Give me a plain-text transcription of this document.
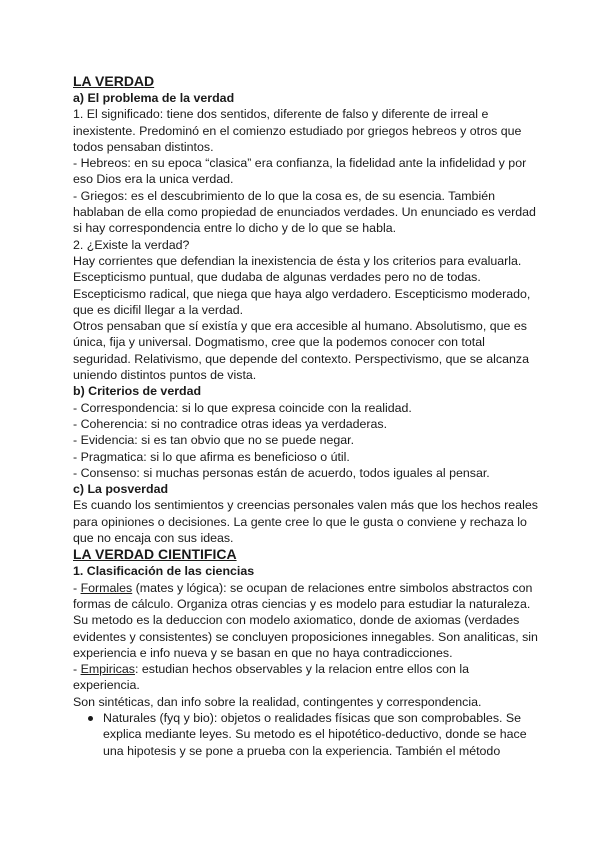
LA VERDAD
a) El problema de la verdad
1. El significado: tiene dos sentidos, diferente de falso y diferente de irreal e
inexistente. Predominó en el comienzo estudiado por griegos hebreos y otros que
todos pensaban distintos.
- Hebreos: en su epoca “clasica” era confianza, la fidelidad ante la infidelidad y por
eso Dios era la unica verdad.
- Griegos: es el descubrimiento de lo que la cosa es, de su esencia. También
hablaban de ella como propiedad de enunciados verdades. Un enunciado es verdad
si hay correspondencia entre lo dicho y de lo que se habla.
2. ¿Existe la verdad?
Hay corrientes que defendian la inexistencia de ésta y los criterios para evaluarla.
Escepticismo puntual, que dudaba de algunas verdades pero no de todas.
Escepticismo radical, que niega que haya algo verdadero. Escepticismo moderado,
que es dicifil llegar a la verdad.
Otros pensaban que sí existía y que era accesible al humano. Absolutismo, que es
única, fija y universal. Dogmatismo, cree que la podemos conocer con total
seguridad. Relativismo, que depende del contexto. Perspectivismo, que se alcanza
uniendo distintos puntos de vista.
b) Criterios de verdad
- Correspondencia: si lo que expresa coincide con la realidad.
- Coherencia: si no contradice otras ideas ya verdaderas.
- Evidencia: si es tan obvio que no se puede negar.
- Pragmatica: si lo que afirma es beneficioso o útil.
- Consenso: si muchas personas están de acuerdo, todos iguales al pensar.
c) La posverdad
Es cuando los sentimientos y creencias personales valen más que los hechos reales
para opiniones o decisiones. La gente cree lo que le gusta o conviene y rechaza lo
que no encaja con sus ideas.
LA VERDAD CIENTIFICA
1. Clasificación de las ciencias
- Formales (mates y lógica): se ocupan de relaciones entre simbolos abstractos con
formas de cálculo. Organiza otras ciencias y es modelo para estudiar la naturaleza.
Su metodo es la deduccion con modelo axiomatico, donde de axiomas (verdades
evidentes y consistentes) se concluyen proposiciones innegables. Son analiticas, sin
experiencia e info nueva y se basan en que no haya contradicciones.
- Empiricas: estudian hechos observables y la relacion entre ellos con la
experiencia.
Son sintéticas, dan info sobre la realidad, contingentes y correspondencia.
Naturales (fyq y bio): objetos o realidades físicas que son comprobables. Se
explica mediante leyes. Su metodo es el hipotético-deductivo, donde se hace
una hipotesis y se pone a prueba con la experiencia. También el método
